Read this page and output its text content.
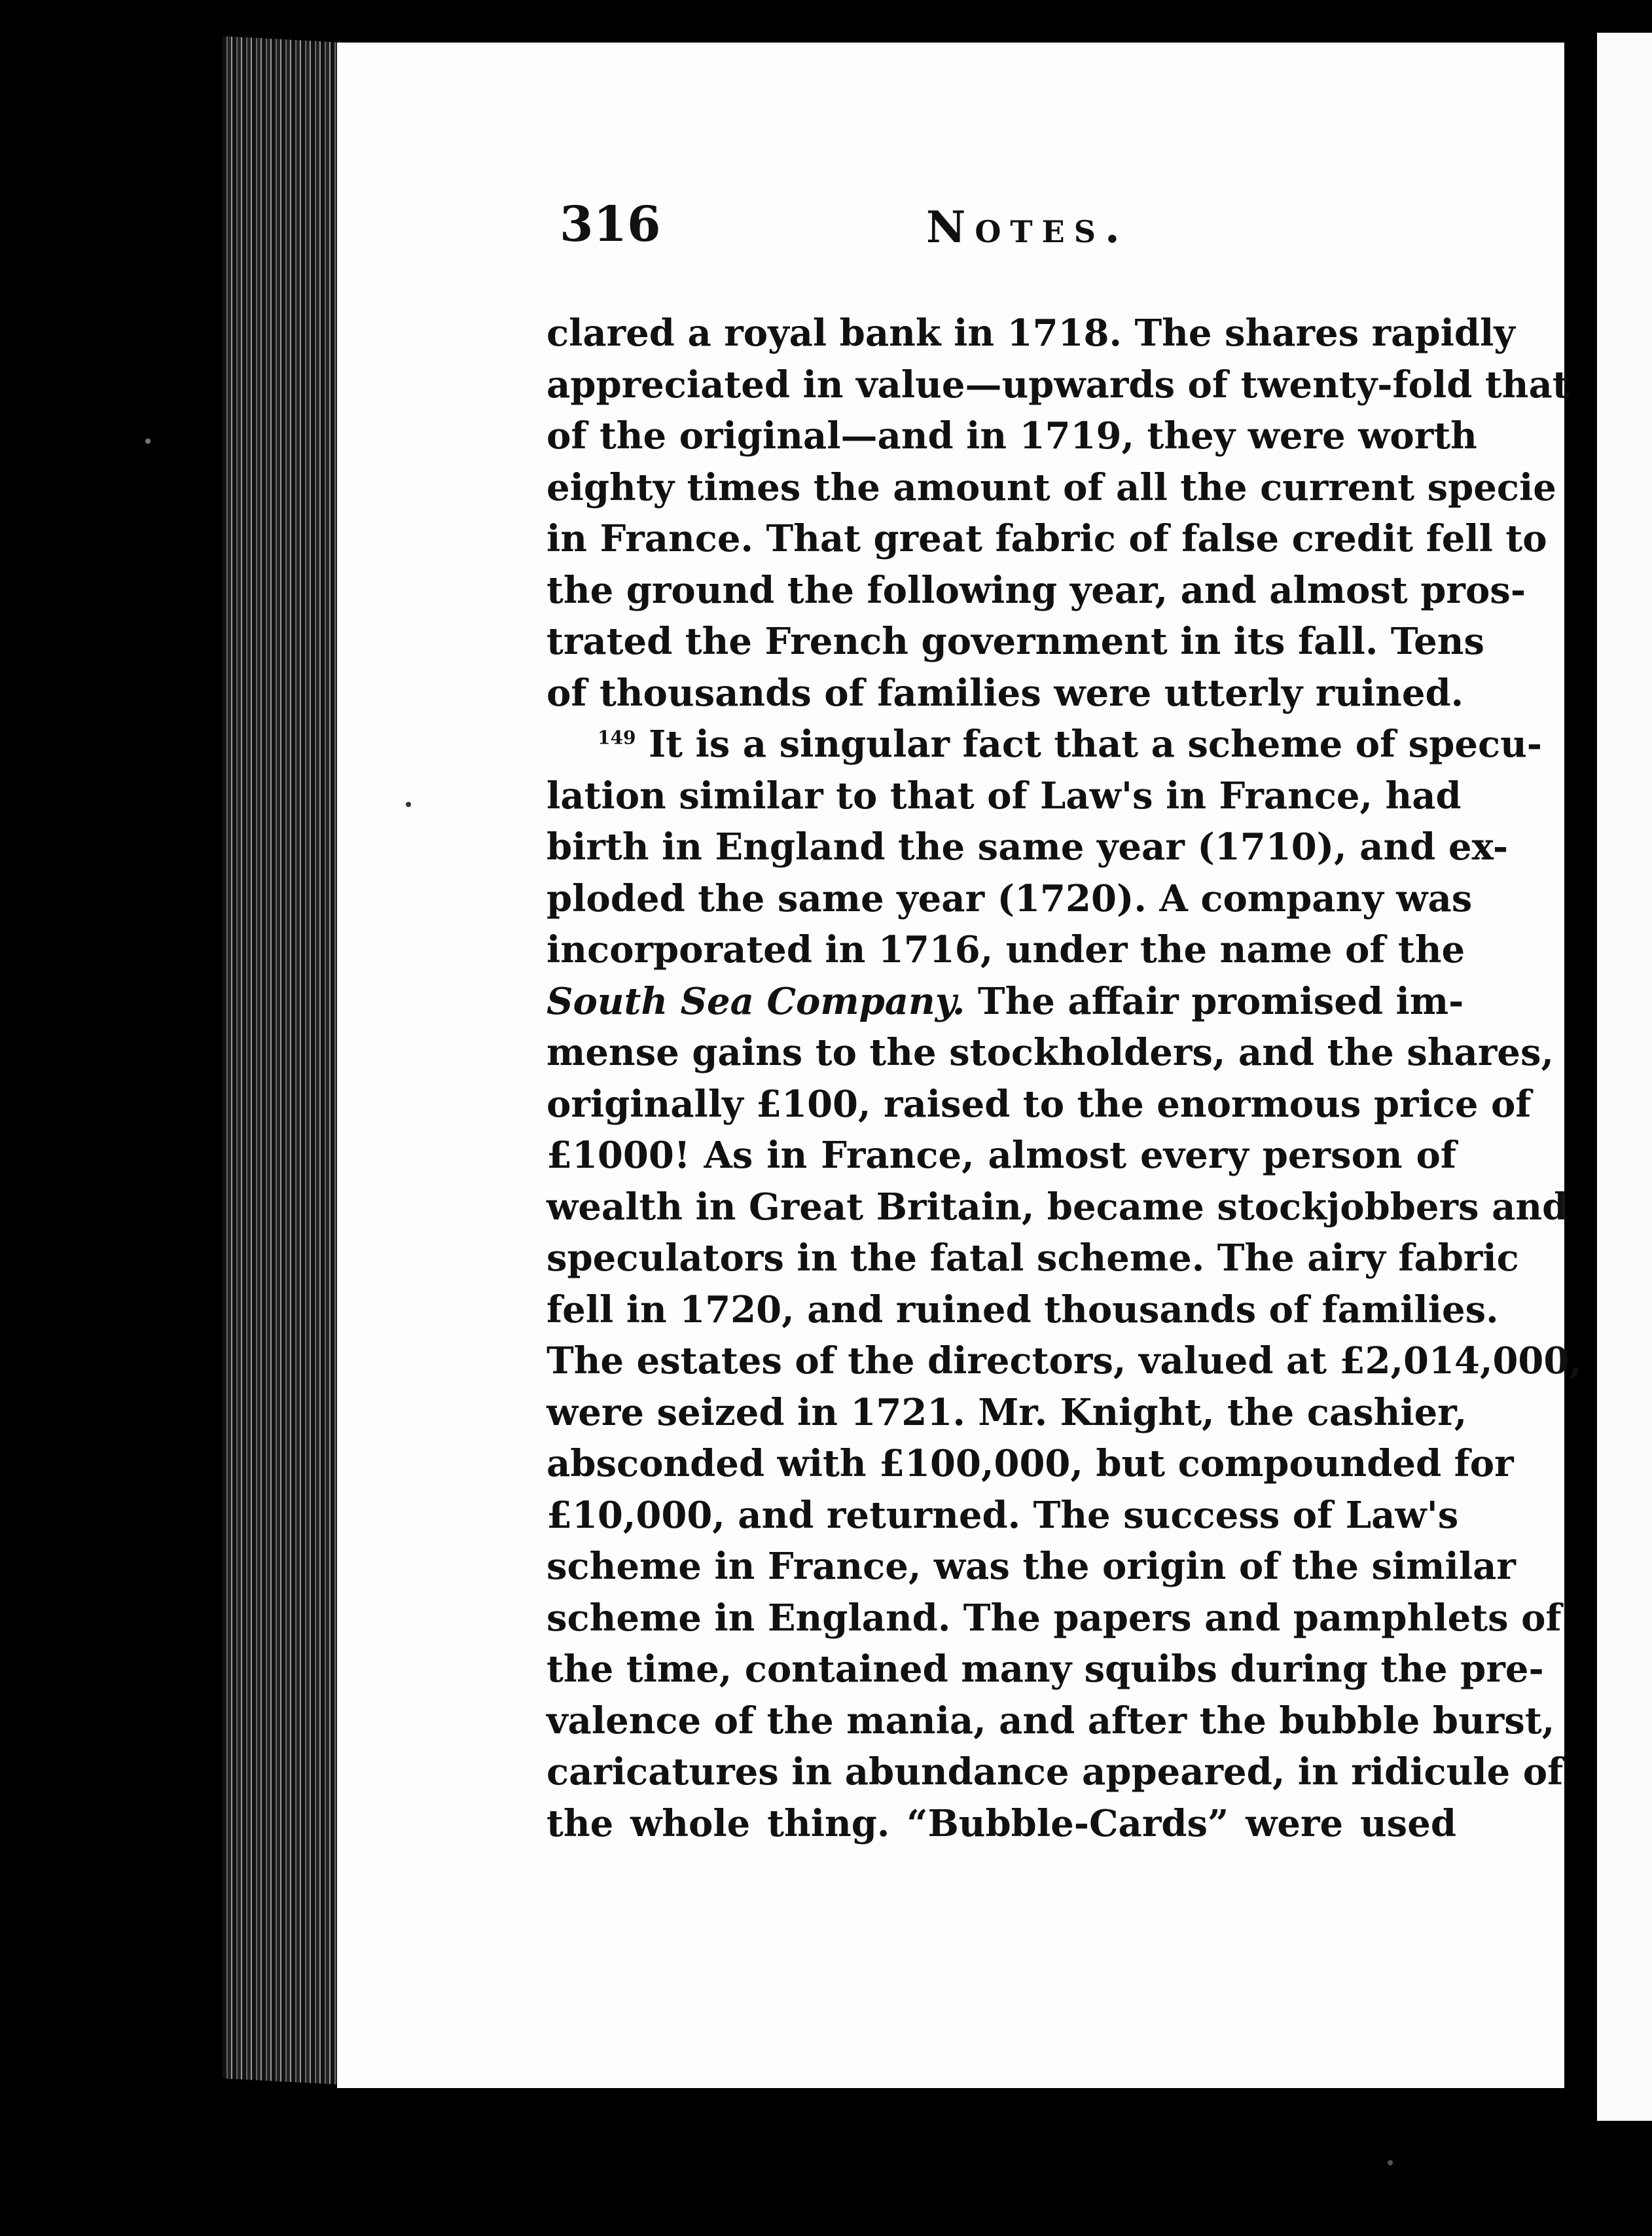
316	Notes.
clared a royal bank in 1718. The shares rapidly
appreciated in value—upwards of twenty-fold that
of the original—and in 1719, they were worth
eighty times the amount of all the current specie
in France. That great fabric of false credit fell to
the ground the following year, and almost pros-
trated the French government in its fall. Tens
of thousands of families were utterly ruined.
$^{149}$ It is a singular fact that a scheme of specu-
lation similar to that of Law's in France, had
birth in England the same year (1710), and ex-
ploded the same year (1720). A company was
incorporated in 1716, under the name of the
South Sea Company. The affair promised im-
mense gains to the stockholders, and the shares,
originally £100, raised to the enormous price of
£1000! As in France, almost every person of
wealth in Great Britain, became stockjobbers and
speculators in the fatal scheme. The airy fabric
fell in 1720, and ruined thousands of families.
The estates of the directors, valued at £2,014,000,
were seized in 1721. Mr. Knight, the cashier,
absconded with £100,000, but compounded for
£10,000, and returned. The success of Law's
scheme in France, was the origin of the similar
scheme in England. The papers and pamphlets of
the time, contained many squibs during the pre-
valence of the mania, and after the bubble burst,
caricatures in abundance appeared, in ridicule of
the whole thing. “Bubble-Cards” were used
